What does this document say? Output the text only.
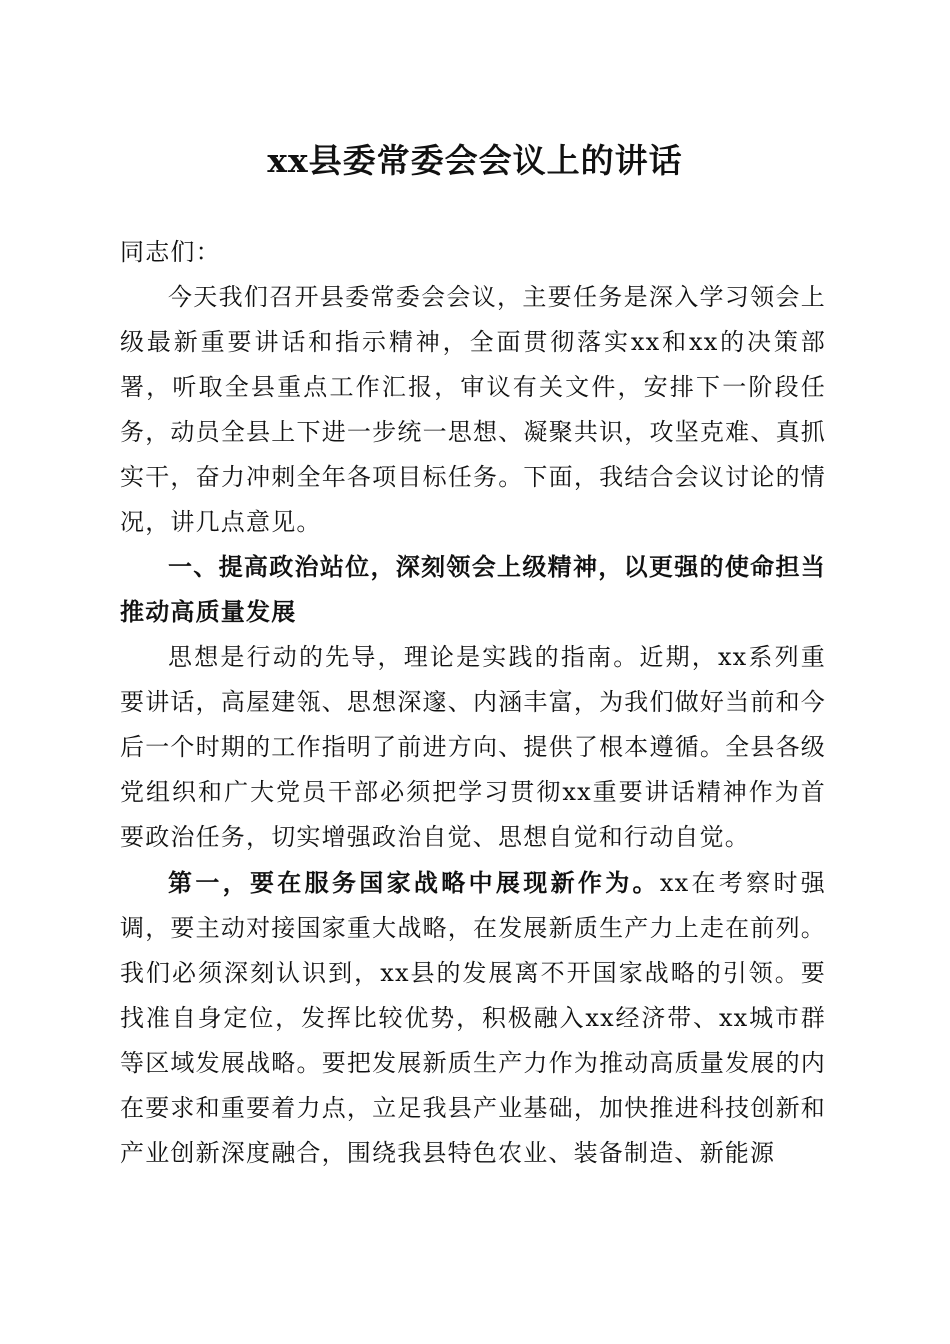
xx县委常委会会议上的讲话

同志们：

今天我们召开县委常委会会议，主要任务是深入学习领会上级最新重要讲话和指示精神，全面贯彻落实xx和xx的决策部署，听取全县重点工作汇报，审议有关文件，安排下一阶段任务，动员全县上下进一步统一思想、凝聚共识，攻坚克难、真抓实干，奋力冲刺全年各项目标任务。下面，我结合会议讨论的情况，讲几点意见。

一、提高政治站位，深刻领会上级精神，以更强的使命担当推动高质量发展

思想是行动的先导，理论是实践的指南。近期，xx系列重要讲话，高屋建瓴、思想深邃、内涵丰富，为我们做好当前和今后一个时期的工作指明了前进方向、提供了根本遵循。全县各级党组织和广大党员干部必须把学习贯彻xx重要讲话精神作为首要政治任务，切实增强政治自觉、思想自觉和行动自觉。

第一，要在服务国家战略中展现新作为。xx在考察时强调，要主动对接国家重大战略，在发展新质生产力上走在前列。我们必须深刻认识到，xx县的发展离不开国家战略的引领。要找准自身定位，发挥比较优势，积极融入xx经济带、xx城市群等区域发展战略。要把发展新质生产力作为推动高质量发展的内在要求和重要着力点，立足我县产业基础，加快推进科技创新和产业创新深度融合，围绕我县特色农业、装备制造、新能源
